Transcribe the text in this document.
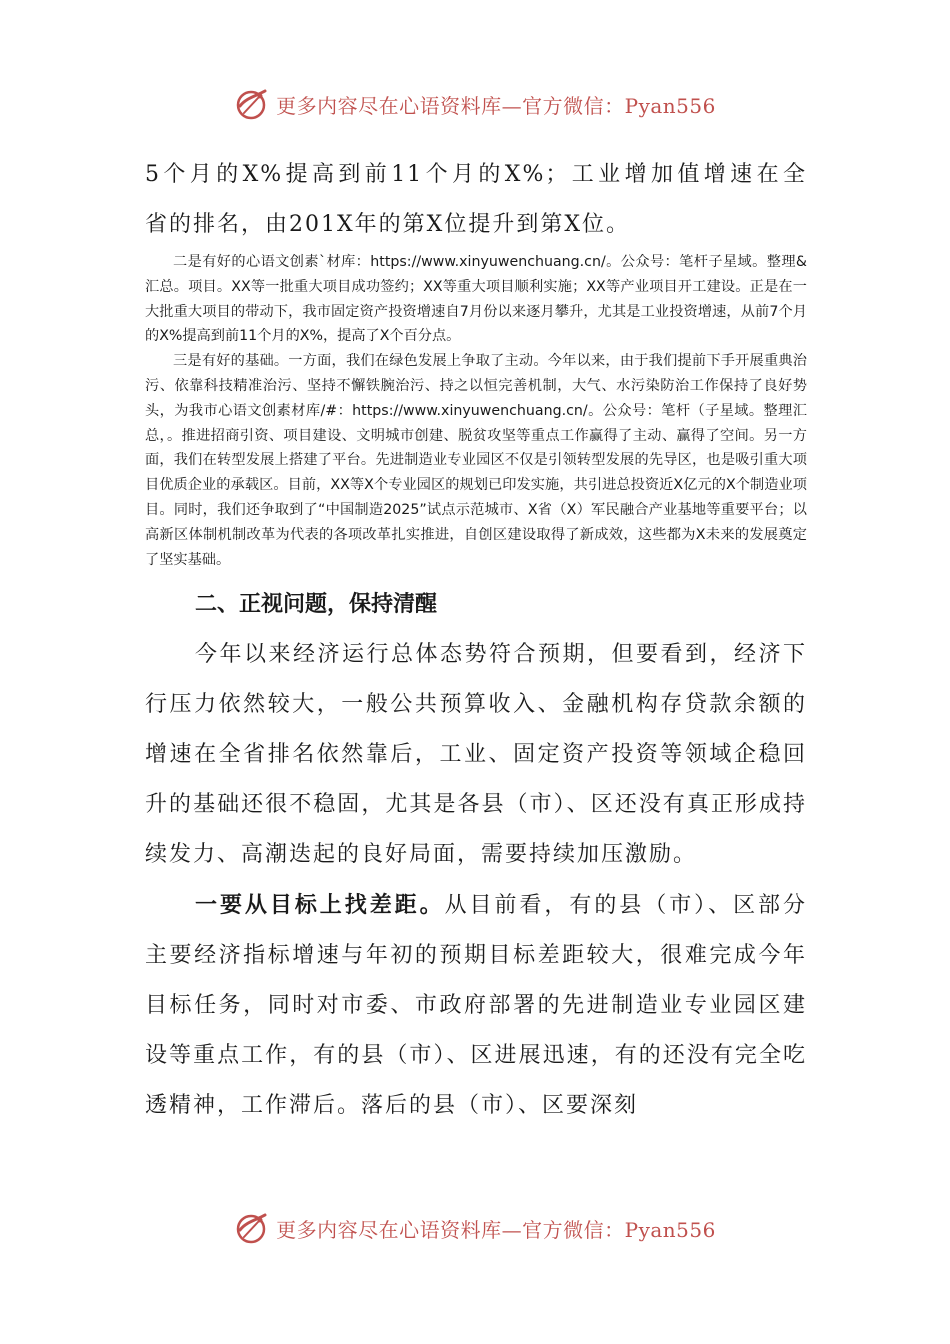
更多内容尽在心语资料库—官方微信：Pyan556

5个月的X%提高到前11个月的X%；工业增加值增速在全

省的排名，由201X年的第X位提升到第X位。

二是有好的心语文创素`材库：https://www.xinyuwenchuang.cn/。公众号：笔杆子星域。整理&汇总。项目。XX等一批重大项目成功签约；XX等重大项目顺利实施；XX等产业项目开工建设。正是在一大批重大项目的带动下，我市固定资产投资增速自7月份以来逐月攀升，尤其是工业投资增速，从前7个月的X%提高到前11个月的X%，提高了X个百分点。

三是有好的基础。一方面，我们在绿色发展上争取了主动。今年以来，由于我们提前下手开展重典治污、依靠科技精准治污、坚持不懈铁腕治污、持之以恒完善机制，大气、水污染防治工作保持了良好势头，为我市心语文创素材库/#：https://www.xinyuwenchuang.cn/。公众号：笔杆（子星域。整理汇总，。推进招商引资、项目建设、文明城市创建、脱贫攻坚等重点工作赢得了主动、赢得了空间。另一方面，我们在转型发展上搭建了平台。先进制造业专业园区不仅是引领转型发展的先导区，也是吸引重大项目优质企业的承载区。目前，XX等X个专业园区的规划已印发实施，共引进总投资近X亿元的X个制造业项目。同时，我们还争取到了“中国制造2025”试点示范城市、X省（X）军民融合产业基地等重要平台；以高新区体制机制改革为代表的各项改革扎实推进，自创区建设取得了新成效，这些都为X未来的发展奠定了坚实基础。

二、正视问题，保持清醒

今年以来经济运行总体态势符合预期，但要看到，经济下行压力依然较大，一般公共预算收入、金融机构存贷款余额的增速在全省排名依然靠后，工业、固定资产投资等领域企稳回升的基础还很不稳固，尤其是各县（市）、区还没有真正形成持续发力、高潮迭起的良好局面，需要持续加压激励。

一要从目标上找差距。从目前看，有的县（市）、区部分主要经济指标增速与年初的预期目标差距较大，很难完成今年目标任务，同时对市委、市政府部署的先进制造业专业园区建设等重点工作，有的县（市）、区进展迅速，有的还没有完全吃透精神，工作滞后。落后的县（市）、区要深刻

更多内容尽在心语资料库—官方微信：Pyan556
